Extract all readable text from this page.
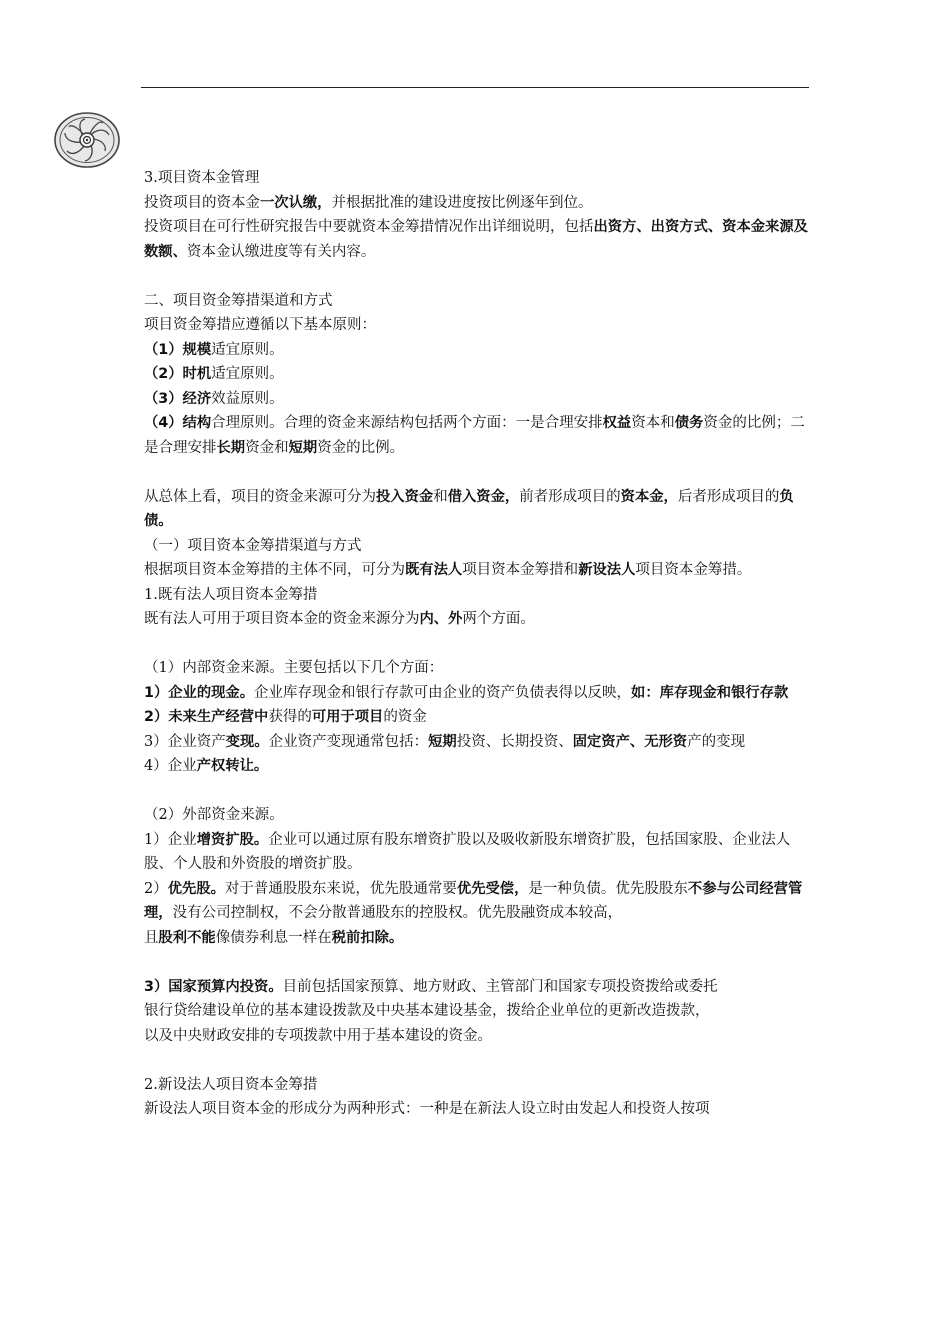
3.项目资本金管理
投资项目的资本金一次认缴，并根据批准的建设进度按比例逐年到位。
投资项目在可行性研究报告中要就资本金筹措情况作出详细说明，包括出资方、出资方式、资本金来源及数额、资本金认缴进度等有关内容。
二、项目资金筹措渠道和方式
项目资金筹措应遵循以下基本原则：
（1）规模适宜原则。
（2）时机适宜原则。
（3）经济效益原则。
（4）结构合理原则。合理的资金来源结构包括两个方面：一是合理安排权益资本和债务资金的比例；二是合理安排长期资金和短期资金的比例。
从总体上看，项目的资金来源可分为投入资金和借入资金，前者形成项目的资本金，后者形成项目的负债。
（一）项目资本金筹措渠道与方式
根据项目资本金筹措的主体不同，可分为既有法人项目资本金筹措和新设法人项目资本金筹措。
1.既有法人项目资本金筹措
既有法人可用于项目资本金的资金来源分为内、外两个方面。
（1）内部资金来源。主要包括以下几个方面：
1）企业的现金。企业库存现金和银行存款可由企业的资产负债表得以反映，如：库存现金和银行存款
2）未来生产经营中获得的可用于项目的资金
3）企业资产变现。企业资产变现通常包括：短期投资、长期投资、固定资产、无形资产的变现
4）企业产权转让。
（2）外部资金来源。
1）企业增资扩股。企业可以通过原有股东增资扩股以及吸收新股东增资扩股，包括国家股、企业法人股、个人股和外资股的增资扩股。
2）优先股。对于普通股股东来说，优先股通常要优先受偿，是一种负债。优先股股东不参与公司经营管理，没有公司控制权，不会分散普通股东的控股权。优先股融资成本较高，
且股利不能像债券利息一样在税前扣除。
3）国家预算内投资。目前包括国家预算、地方财政、主管部门和国家专项投资拨给或委托
银行贷给建设单位的基本建设拨款及中央基本建设基金，拨给企业单位的更新改造拨款，
以及中央财政安排的专项拨款中用于基本建设的资金。
2.新设法人项目资本金筹措
新设法人项目资本金的形成分为两种形式：一种是在新法人设立时由发起人和投资人按项
